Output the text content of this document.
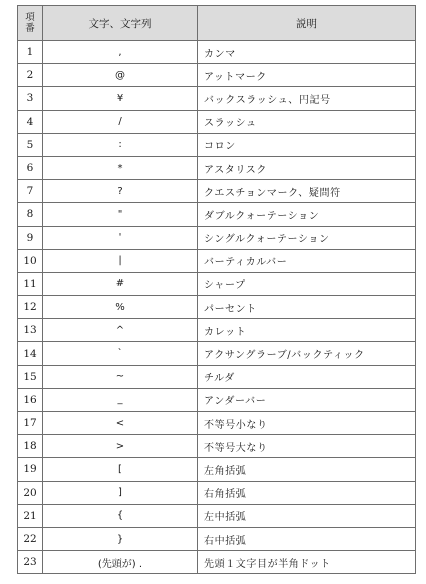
項
番	文字、文字列	説明
1	,	カンマ
2	@	アットマーク
3	¥	バックスラッシュ、円記号
4	/	スラッシュ
5	:	コロン
6	*	アスタリスク
7	?	クエスチョンマーク、疑問符
8	"	ダブルクォーテーション
9	'	シングルクォーテーション
10	|	バーティカルバー
11	#	シャープ
12	%	パーセント
13	^	カレット
14	`	アクサングラーブ/バックティック
15	~	チルダ
16	_	アンダーバー
17	<	不等号小なり
18	>	不等号大なり
19	[	左角括弧
20	]	右角括弧
21	{	左中括弧
22	}	右中括弧
23	(先頭が) .	先頭１文字目が半角ドット
